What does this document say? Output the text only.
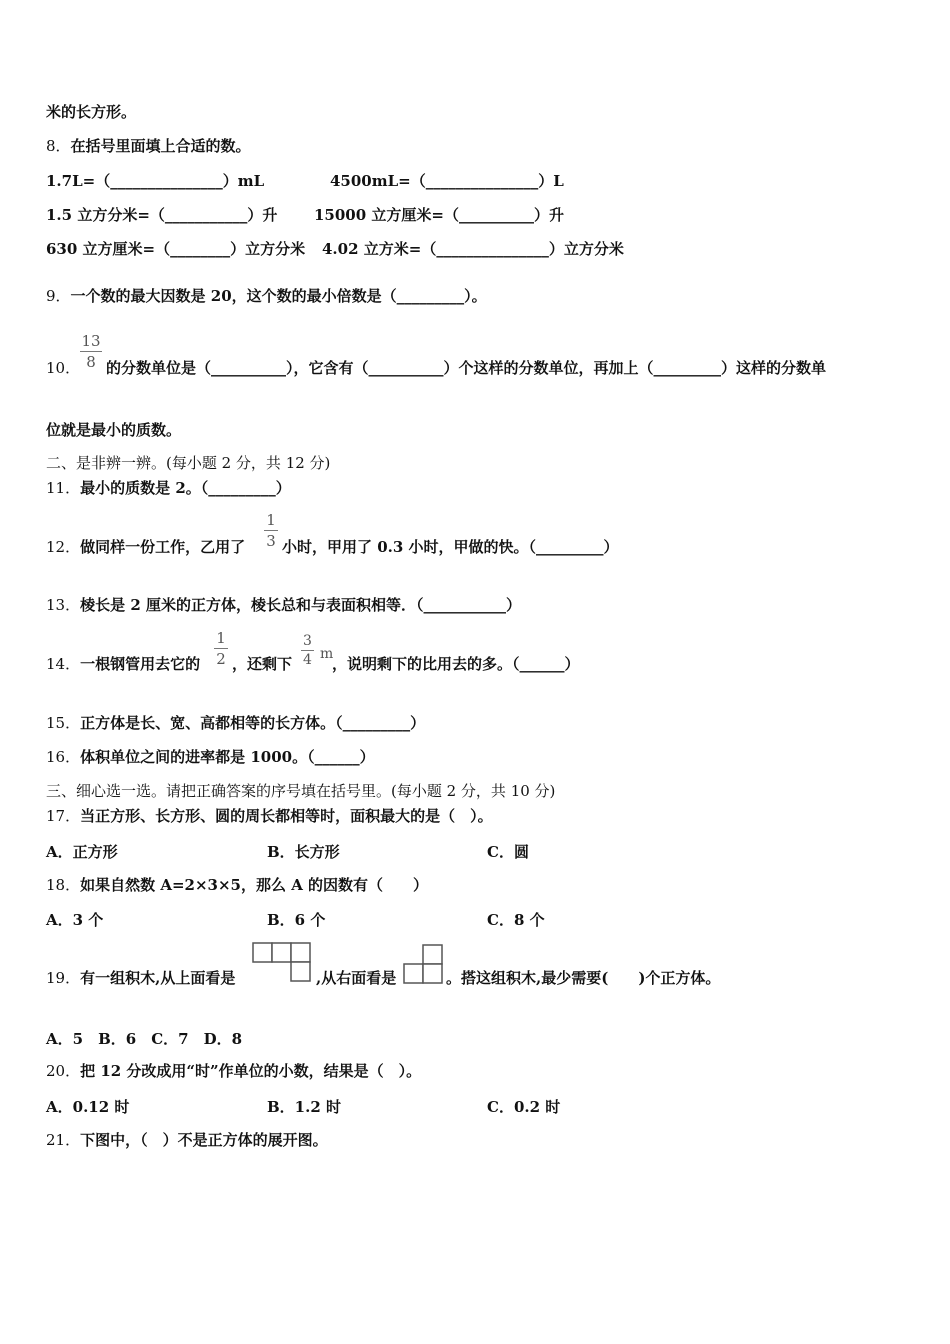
米的长方形。
8．在括号里面填上合适的数。
1.7L=（_______________）mL	4500mL=（_______________）L
1.5 立方分米=（___________）升 15000 立方厘米=（__________）升
630 立方厘米=（________）立方分米 4.02 立方米=（_______________）立方分米
9．一个数的最大因数是 20，这个数的最小倍数是（_________）。
10．
13
8 的分数单位是（__________），它含有（__________）个这样的分数单位，再加上（_________）这样的分数单
位就是最小的质数。
二、是非辨一辨。(每小题 2 分，共 12 分)
11．最小的质数是 2。（_________）
12．做同样一份工作，乙用了
1
3 小时，甲用了 0.3 小时，甲做的快。（_________）
13．棱长是 2 厘米的正方体，棱长总和与表面积相等．（___________）
14．一根钢管用去它的
1
2 ，还剩下
3
4 m
，说明剩下的比用去的多。（______）
15．正方体是长、宽、高都相等的长方体。（_________）
16．体积单位之间的进率都是 1000。（______）
三、细心选一选。请把正确答案的序号填在括号里。(每小题 2 分，共 10 分)
17．当正方形、长方形、圆的周长都相等时，面积最大的是（　）。
A．正方形	B．长方形	C．圆
18．如果自然数 A=2×3×5，那么 A 的因数有（　　）
A．3 个	B．6 个	C．8 个
19．有一组积木,从上面看是	,从右面看是	。搭这组积木,最少需要(　　)个正方体。
A．5　B．6　C．7　D．8
20．把 12 分改成用“时”作单位的小数，结果是（　）。
A．0.12 时	B．1.2 时	C．0.2 时
21．下图中，（　）不是正方体的展开图。
